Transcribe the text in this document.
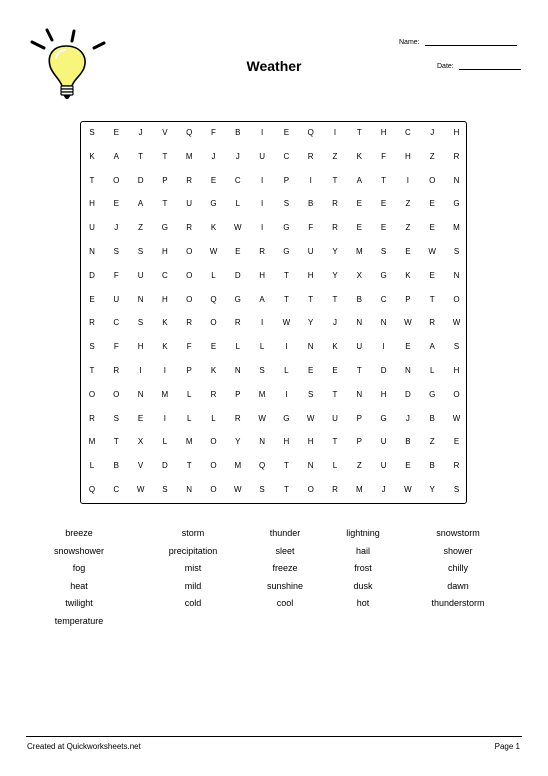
Weather
Name:
Date:
S	E	J	V	Q	F	B	I	E	Q	I	T	H	C	J	H
K	A	T	T	M	J	J	U	C	R	Z	K	F	H	Z	R
T	O	D	P	R	E	C	I	P	I	T	A	T	I	O	N
H	E	A	T	U	G	L	I	S	B	R	E	E	Z	E	G
U	J	Z	G	R	K	W	I	G	F	R	E	E	Z	E	M
N	S	S	H	O	W	E	R	G	U	Y	M	S	E	W	S
D	F	U	C	O	L	D	H	T	H	Y	X	G	K	E	N
E	U	N	H	O	Q	G	A	T	T	T	B	C	P	T	O
R	C	S	K	R	O	R	I	W	Y	J	N	N	W	R	W
S	F	H	K	F	E	L	L	I	N	K	U	I	E	A	S
T	R	I	I	P	K	N	S	L	E	E	T	D	N	L	H
O	O	N	M	L	R	P	M	I	S	T	N	H	D	G	O
R	S	E	I	L	L	R	W	G	W	U	P	G	J	B	W
M	T	X	L	M	O	Y	N	H	H	T	P	U	B	Z	E
L	B	V	D	T	O	M	Q	T	N	L	Z	U	E	B	R
Q	C	W	S	N	O	W	S	T	O	R	M	J	W	Y	S
breeze	storm	thunder	lightning	snowstorm
snowshower	precipitation	sleet	hail	shower
fog	mist	freeze	frost	chilly
heat	mild	sunshine	dusk	dawn
twilight	cold	cool	hot	thunderstorm
temperature
Created at Quickworksheets.net	Page 1
